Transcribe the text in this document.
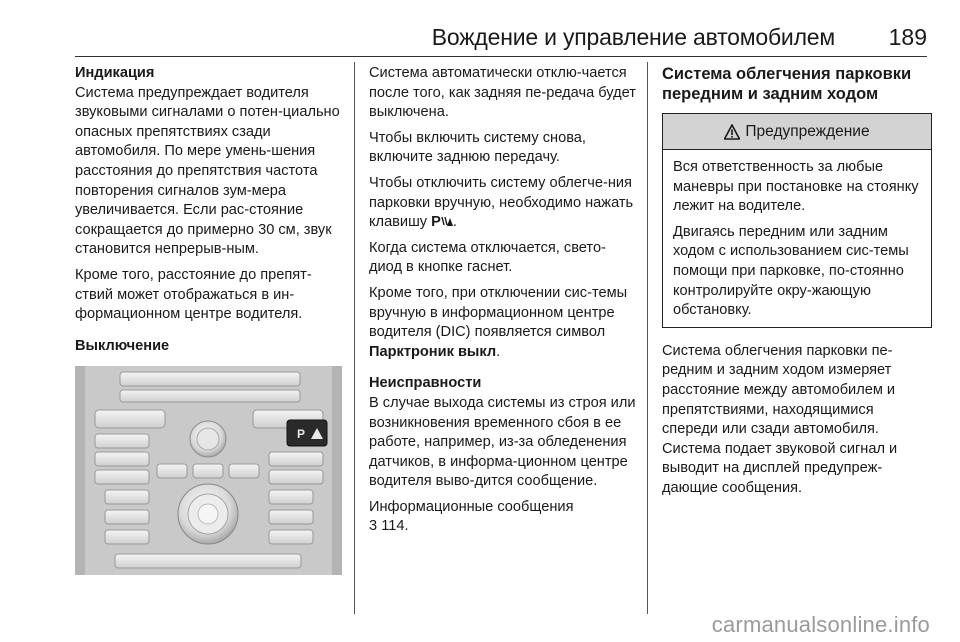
Вождение и управление автомобилем 189

Индикация

Система предупреждает водителя звуковыми сигналами о потен-циально опасных препятствиях сзади автомобиля. По мере умень-шения расстояния до препятствия частота повторения сигналов зум-мера увеличивается. Если рас-стояние сокращается до примерно 30 см, звук становится непрерыв-ным.

Кроме того, расстояние до препят-ствий может отображаться в ин-формационном центре водителя.

Выключение

P

Система автоматически отклю-чается после того, как задняя пе-редача будет выключена.

Чтобы включить систему снова, включите заднюю передачу.

Чтобы отключить систему облегче-ния парковки вручную, необходимо нажать клавишу P .

Когда система отключается, свето-диод в кнопке гаснет.

Кроме того, при отключении сис-темы вручную в информационном центре водителя (DIC) появляется символ Парктроник выкл.

Неисправности

В случае выхода системы из строя или возникновения временного сбоя в ее работе, например, из-за обледенения датчиков, в информа-ционном центре водителя выво-дится сообщение.

Информационные сообщения
3 114.

Система облегчения парковки передним и задним ходом
Предупреждение

Вся ответственность за любые маневры при постановке на стоянку лежит на водителе.

Двигаясь передним или задним ходом с использованием сис-темы помощи при парковке, по-стоянно контролируйте окру-жающую обстановку.

Система облегчения парковки пе-редним и задним ходом измеряет расстояние между автомобилем и препятствиями, находящимися спереди или сзади автомобиля. Система подает звуковой сигнал и выводит на дисплей предупреж-дающие сообщения.

carmanualsonline.info
